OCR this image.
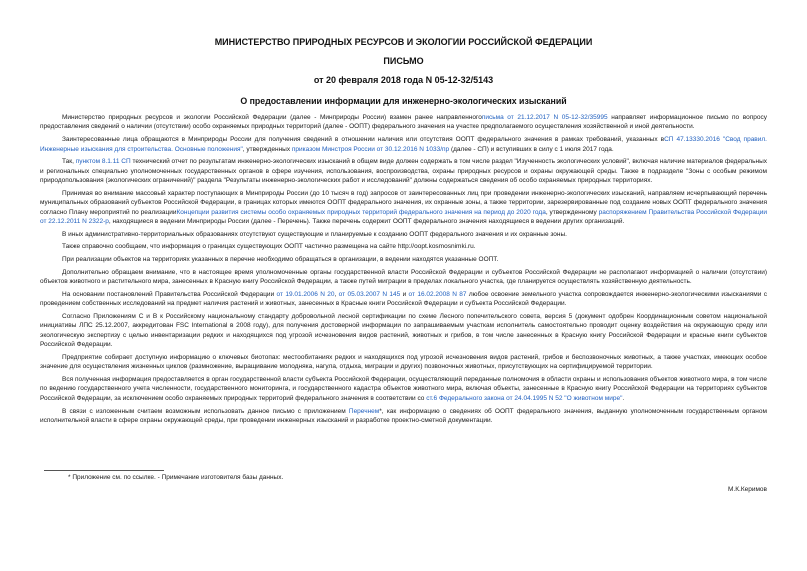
МИНИСТЕРСТВО ПРИРОДНЫХ РЕСУРСОВ И ЭКОЛОГИИ РОССИЙСКОЙ ФЕДЕРАЦИИ
ПИСЬМО
от 20 февраля 2018 года N 05-12-32/5143
О предоставлении информации для инженерно-экологических изысканий

Министерство природных ресурсов и экологии Российской Федерации (далее - Минприроды России) взамен ранее направленногописьма от 21.12.2017 N 05-12-32/35995 направляет информационное письмо по вопросу предоставления сведений о наличии (отсутствии) особо охраняемых природных территорий (далее - ООПТ) федерального значения на участке предполагаемого осуществления хозяйственной и иной деятельности.

Заинтересованные лица обращаются в Минприроды России для получения сведений в отношении наличия или отсутствия ООПТ федерального значения в рамках требований, указанных вСП 47.13330.2016 "Свод правил. Инженерные изыскания для строительства. Основные положения", утвержденных приказом Минстроя России от 30.12.2016 N 1033/пр (далее - СП) и вступивших в силу с 1 июля 2017 года.

Так, пунктом 8.1.11 СП технический отчет по результатам инженерно-экологических изысканий в общем виде должен содержать в том числе раздел "Изученность экологических условий", включая наличие материалов федеральных и региональных специально уполномоченных государственных органов в сфере изучения, использования, воспроизводства, охраны природных ресурсов и охраны окружающей среды. Также в подразделе "Зоны с особым режимом природопользования (экологических ограничений)" раздела "Результаты инженерно-экологических работ и исследований" должны содержаться сведения об особо охраняемых природных территориях.

Принимая во внимание массовый характер поступающих в Минприроды России (до 10 тысяч в год) запросов от заинтересованных лиц при проведении инженерно-экологических изысканий, направляем исчерпывающий перечень муниципальных образований субъектов Российской Федерации, в границах которых имеются ООПТ федерального значения, их охранные зоны, а также территории, зарезервированные под создание новых ООПТ федерального значения согласно Плану мероприятий по реализацииКонцепции развития системы особо охраняемых природных территорий федерального значения на период до 2020 года, утвержденному распоряжением Правительства Российской Федерации от 22.12.2011 N 2322-р, находящиеся в ведении Минприроды России (далее - Перечень). Также перечень содержит ООПТ федерального значения находящиеся в ведении других организаций.

В иных административно-территориальных образованиях отсутствуют существующие и планируемые к созданию ООПТ федерального значения и их охранные зоны.

Также справочно сообщаем, что информация о границах существующих ООПТ частично размещена на сайте http://oopt.kosmosnimki.ru.

При реализации объектов на территориях указанных в перечне необходимо обращаться в организации, в ведении находятся указанные ООПТ.

Дополнительно обращаем внимание, что в настоящее время уполномоченные органы государственной власти Российской Федерации и субъектов Российской Федерации не располагают информацией о наличии (отсутствии) объектов животного и растительного мира, занесенных в Красную книгу Российской Федерации, а также путей миграции в пределах локального участка, где планируется осуществлять хозяйственную деятельность.

На основании постановлений Правительства Российской Федерации от 19.01.2006 N 20, от 05.03.2007 N 145 и от 16.02.2008 N 87 любое освоение земельного участка сопровождается инженерно-экологическими изысканиями с проведением собственных исследований на предмет наличия растений и животных, занесенных в Красные книги Российской Федерации и субъекта Российской Федерации.

Согласно Приложениям С и В к Российскому национальному стандарту добровольной лесной сертификации по схеме Лесного попечительского совета, версия 5 (документ одобрен Координационным советом национальной инициативы ЛПС 25.12.2007, аккредитован FSC International в 2008 году), для получения достоверной информации по запрашиваемым участкам исполнитель самостоятельно проводит оценку воздействия на окружающую среду или экологическую экспертизу с целью инвентаризации редких и находящихся под угрозой исчезновения видов растений, животных и грибов, в том числе занесенных в Красную книгу Российской Федерации и красные книги субъектов Российской Федерации.

Предприятие собирает доступную информацию о ключевых биотопах: местообитаниях редких и находящихся под угрозой исчезновения видов растений, грибов и беспозвоночных животных, а также участках, имеющих особое значение для осуществления жизненных циклов (размножение, выращивание молодняка, нагула, отдыха, миграции и других) позвоночных животных, присутствующих на сертифицируемой территории.

Вся полученная информация предоставляется в орган государственной власти субъекта Российской Федерации, осуществляющий переданные полномочия в области охраны и использования объектов животного мира, в том числе по ведению государственного учета численности, государственного мониторинга, и государственного кадастра объектов животного мира, включая объекты, занесенные в Красную книгу Российской Федерации на территориях субъектов Российской Федерации, за исключением особо охраняемых природных территорий федерального значения в соответствии со ст.6 Федерального закона от 24.04.1995 N 52 "О животном мире".

В связи с изложенным считаем возможным использовать данное письмо с приложением Перечнем*, как информацию о сведениях об ООПТ федерального значения, выданную уполномоченным государственным органом исполнительной власти в сфере охраны окружающей среды, при проведении инженерных изысканий и разработке проектно-сметной документации.

* Приложение см. по ссылке. - Примечание изготовителя базы данных.
М.К.Керимов
